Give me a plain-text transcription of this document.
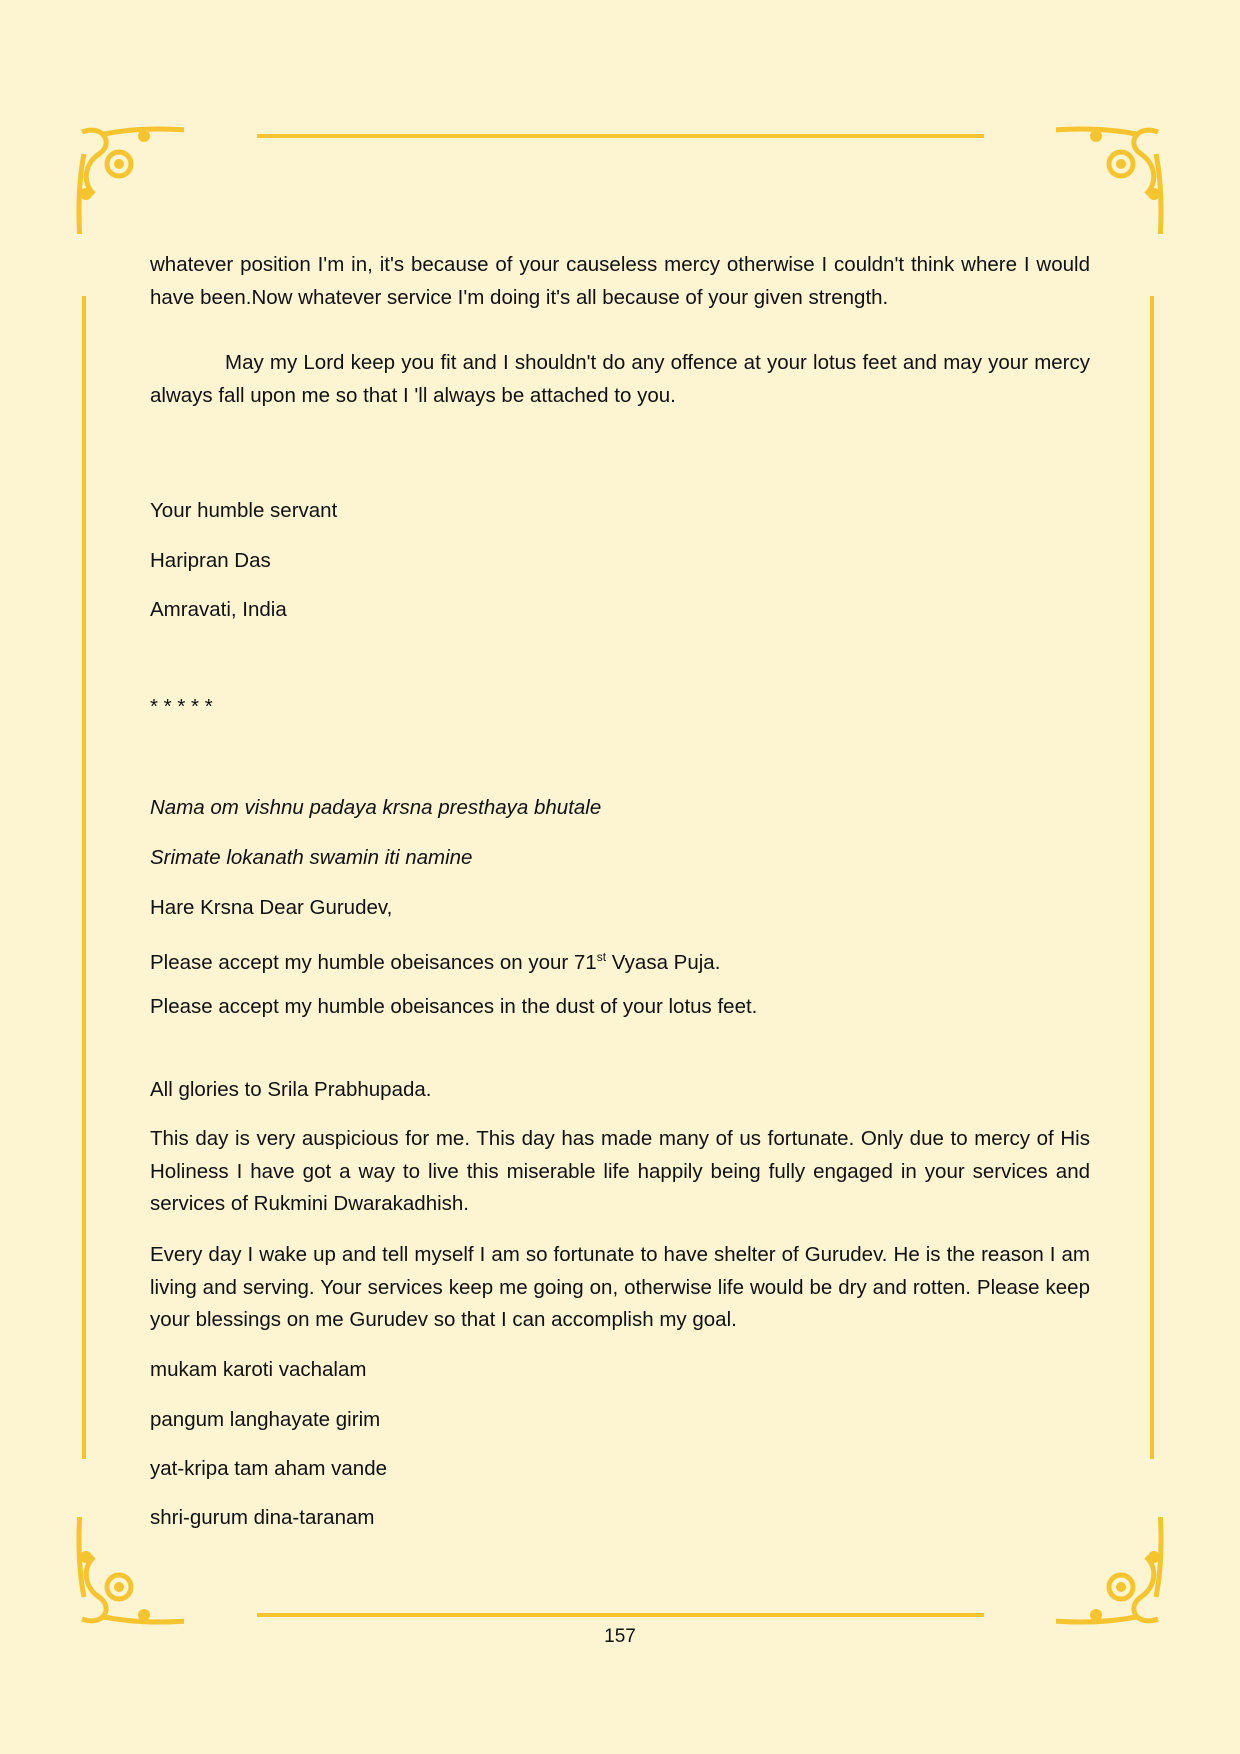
whatever position I'm in, it's because of your causeless mercy otherwise I couldn't think where I would have been.Now whatever service I'm doing it's all because of your given strength.

May my Lord keep you fit and I shouldn't do any offence at your lotus feet and may your mercy always fall upon me so that I 'll always be attached to you.

Your humble servant

Haripran Das

Amravati, India

* * * * *

Nama om vishnu padaya krsna presthaya bhutale

Srimate lokanath swamin iti namine

Hare Krsna Dear Gurudev,

Please accept my humble obeisances on your 71st Vyasa Puja.

Please accept my humble obeisances in the dust of your lotus feet.

All glories to Srila Prabhupada.

This day is very auspicious for me. This day has made many of us fortunate. Only due to mercy of His Holiness I have got a way to live this miserable life happily being fully engaged in your services and services of Rukmini Dwarakadhish.

Every day I wake up and tell myself I am so fortunate to have shelter of Gurudev. He is the reason I am living and serving. Your services keep me going on, otherwise life would be dry and rotten. Please keep your blessings on me Gurudev so that I can accomplish my goal.

mukam karoti vachalam

pangum langhayate girim

yat-kripa tam aham vande

shri-gurum dina-taranam

157
